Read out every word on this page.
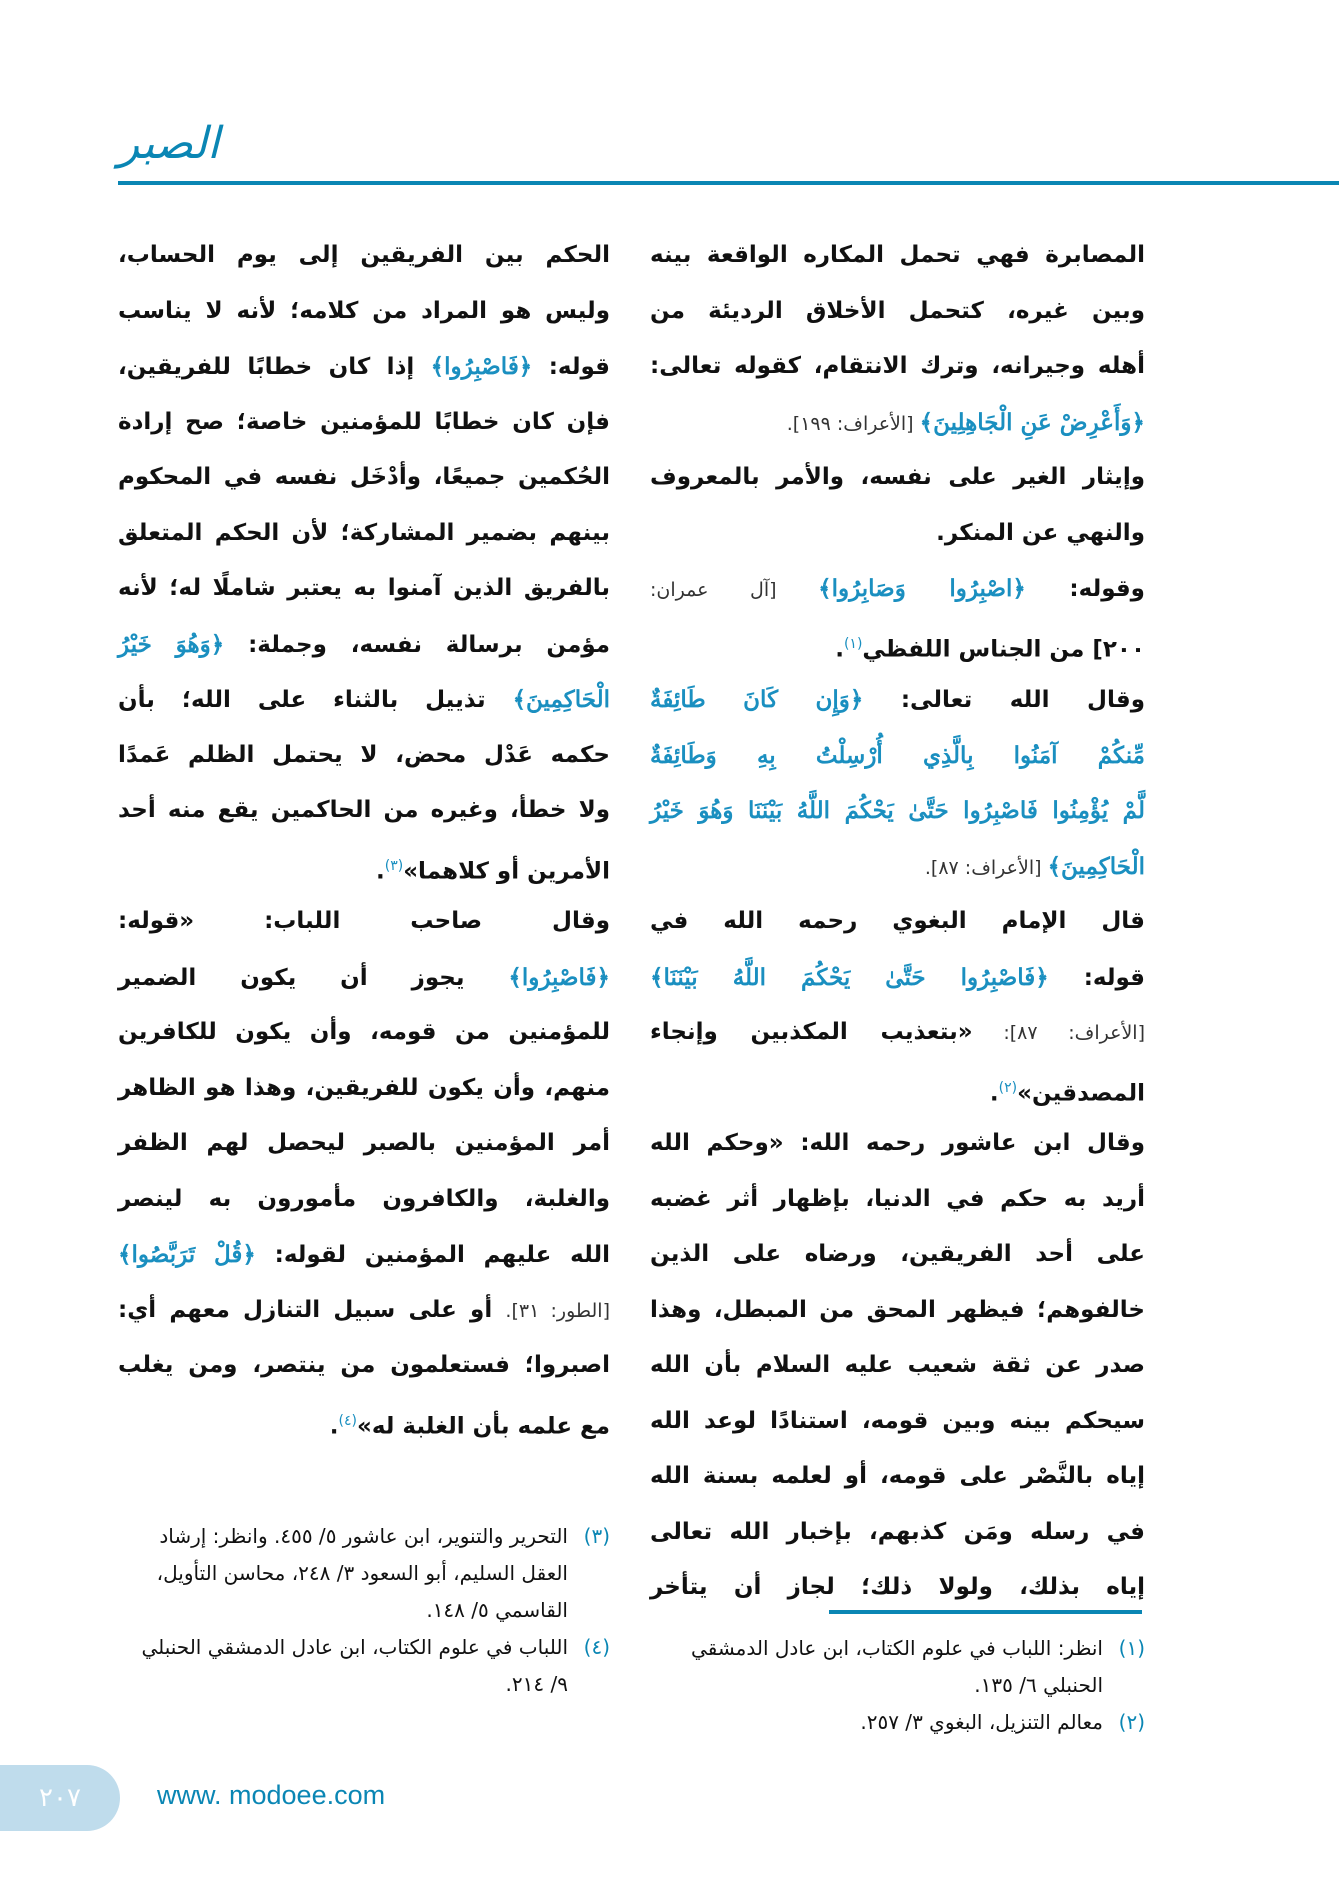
الصبر
المصابرة فهي تحمل المكاره الواقعة بينه
وبين غيره، كتحمل الأخلاق الرديئة من
أهله وجيرانه، وترك الانتقام، كقوله تعالى:
﴿وَأَعْرِضْ عَنِ الْجَاهِلِينَ﴾ [الأعراف: ١٩٩].
وإيثار الغير على نفسه، والأمر بالمعروف
والنهي عن المنكر.
وقوله: ﴿اصْبِرُوا وَصَابِرُوا﴾ [آل عمران:
٢٠٠] من الجناس اللفظي$^{(١)}$.
وقال الله تعالى: ﴿وَإِن كَانَ طَائِفَةٌ
مِّنكُمْ آمَنُوا بِالَّذِي أُرْسِلْتُ بِهِ وَطَائِفَةٌ
لَّمْ يُؤْمِنُوا فَاصْبِرُوا حَتَّىٰ يَحْكُمَ اللَّهُ بَيْنَنَا وَهُوَ خَيْرُ
الْحَاكِمِينَ﴾ [الأعراف: ٨٧].
قال الإمام البغوي رحمه الله في
قوله: ﴿فَاصْبِرُوا حَتَّىٰ يَحْكُمَ اللَّهُ بَيْنَنَا﴾
[الأعراف: ٨٧]: «بتعذيب المكذبين وإنجاء
المصدقين»$^{(٢)}$.
وقال ابن عاشور رحمه الله: «وحكم الله
أريد به حكم في الدنيا، بإظهار أثر غضبه
على أحد الفريقين، ورضاه على الذين
خالفوهم؛ فيظهر المحق من المبطل، وهذا
صدر عن ثقة شعيب عليه السلام بأن الله
سيحكم بينه وبين قومه، استنادًا لوعد الله
إياه بالنَّصْر على قومه، أو لعلمه بسنة الله
في رسله ومَن كذبهم، بإخبار الله تعالى
إياه بذلك، ولولا ذلك؛ لجاز أن يتأخر
الحكم بين الفريقين إلى يوم الحساب،
وليس هو المراد من كلامه؛ لأنه لا يناسب
قوله: ﴿فَاصْبِرُوا﴾ إذا كان خطابًا للفريقين،
فإن كان خطابًا للمؤمنين خاصة؛ صح إرادة
الحُكمين جميعًا، وأدْخَل نفسه في المحكوم
بينهم بضمير المشاركة؛ لأن الحكم المتعلق
بالفريق الذين آمنوا به يعتبر شاملًا له؛ لأنه
مؤمن برسالة نفسه، وجملة: ﴿وَهُوَ خَيْرُ
الْحَاكِمِينَ﴾ تذييل بالثناء على الله؛ بأن
حكمه عَدْل محض، لا يحتمل الظلم عَمدًا
ولا خطأ، وغيره من الحاكمين يقع منه أحد
الأمرين أو كلاهما»$^{(٣)}$.
وقال صاحب اللباب: «قوله:
﴿فَاصْبِرُوا﴾ يجوز أن يكون الضمير
للمؤمنين من قومه، وأن يكون للكافرين
منهم، وأن يكون للفريقين، وهذا هو الظاهر
أمر المؤمنين بالصبر ليحصل لهم الظفر
والغلبة، والكافرون مأمورون به لينصر
الله عليهم المؤمنين لقوله: ﴿قُلْ تَرَبَّصُوا﴾
[الطور: ٣١]. أو على سبيل التنازل معهم أي:
اصبروا؛ فستعلمون من ينتصر، ومن يغلب
مع علمه بأن الغلبة له»$^{(٤)}$.
(١)
انظر: اللباب في علوم الكتاب، ابن عادل الدمشقي الحنبلي ٦/ ١٣٥.
(٢)
معالم التنزيل، البغوي ٣/ ٢٥٧.
(٣)
التحرير والتنوير، ابن عاشور ٥/ ٤٥٥. وانظر: إرشاد العقل السليم، أبو السعود ٣/ ٢٤٨، محاسن التأويل، القاسمي ٥/ ١٤٨.
(٤)
اللباب في علوم الكتاب، ابن عادل الدمشقي الحنبلي ٩/ ٢١٤.
٢٠٧	www. modoee.com
